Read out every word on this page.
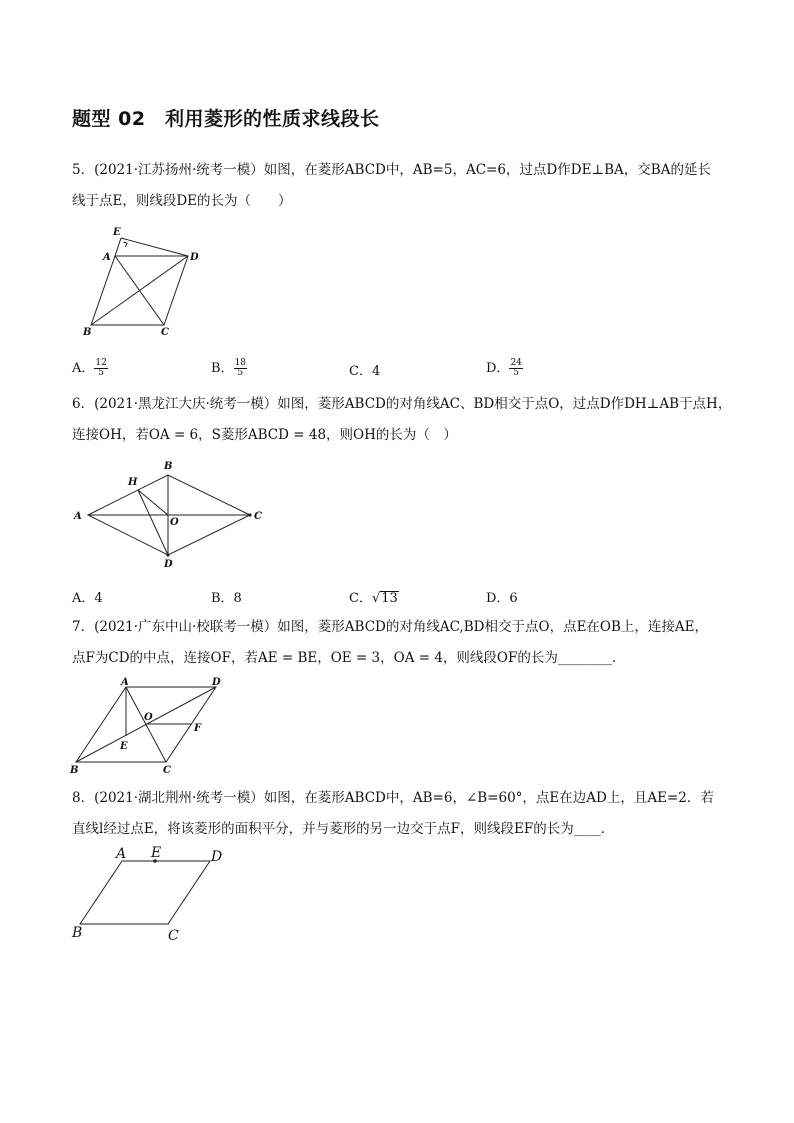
题型 02　利用菱形的性质求线段长
5．(2021·江苏扬州·统考一模）如图，在菱形ABCD中，AB=5，AC=6，过点D作DE⊥BA，交BA的延长
线于点E，则线段DE的长为（　　）
E
A	D
B	C
A． $\frac{12}{5}$	B． $\frac{18}{5}$	C．4	D． $\frac{24}{5}$
6．(2021·黑龙江大庆·统考一模）如图，菱形ABCD的对角线AC、BD相交于点O，过点D作DH⊥AB于点H，
连接OH，若OA = 6，S菱形ABCD = 48，则OH的长为（　）
B
H
A
O
C
D
A．4	B．8	C．√13	D．6
7．(2021·广东中山·校联考一模）如图，菱形ABCD的对角线AC,BD相交于点O，点E在OB上，连接AE，
点F为CD的中点，连接OF，若AE = BE，OE = 3，OA = 4，则线段OF的长为________．
A	D
O
F
E
B	C
8．(2021·湖北荆州·统考一模）如图，在菱形ABCD中，AB=6，∠B=60°，点E在边AD上，且AE=2．若
直线l经过点E，将该菱形的面积平分，并与菱形的另一边交于点F，则线段EF的长为____．
A E	D
B	C
